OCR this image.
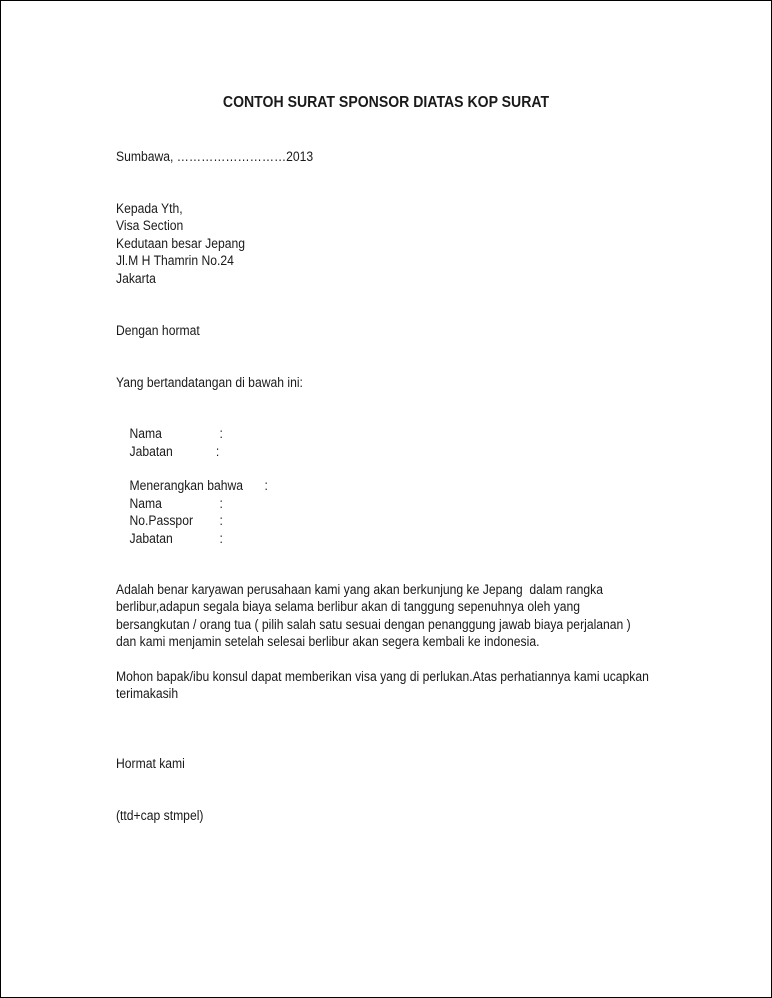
CONTOH SURAT SPONSOR DIATAS KOP SURAT
Sumbawa, ………………………2013
Kepada Yth,
Visa Section
Kedutaan besar Jepang
Jl.M H Thamrin No.24
Jakarta
Dengan hormat
Yang bertandatangan di bawah ini:

Nama	:

Jabatan	:

Menerangkan bahwa :

Nama	:

No.Passpor :

Jabatan	:

Adalah benar karyawan perusahaan kami yang akan berkunjung ke Jepang  dalam rangka
berlibur,adapun segala biaya selama berlibur akan di tanggung sepenuhnya oleh yang
bersangkutan / orang tua ( pilih salah satu sesuai dengan penanggung jawab biaya perjalanan )
dan kami menjamin setelah selesai berlibur akan segera kembali ke indonesia.
Mohon bapak/ibu konsul dapat memberikan visa yang di perlukan.Atas perhatiannya kami ucapkan
terimakasih
Hormat kami
(ttd+cap stmpel)
